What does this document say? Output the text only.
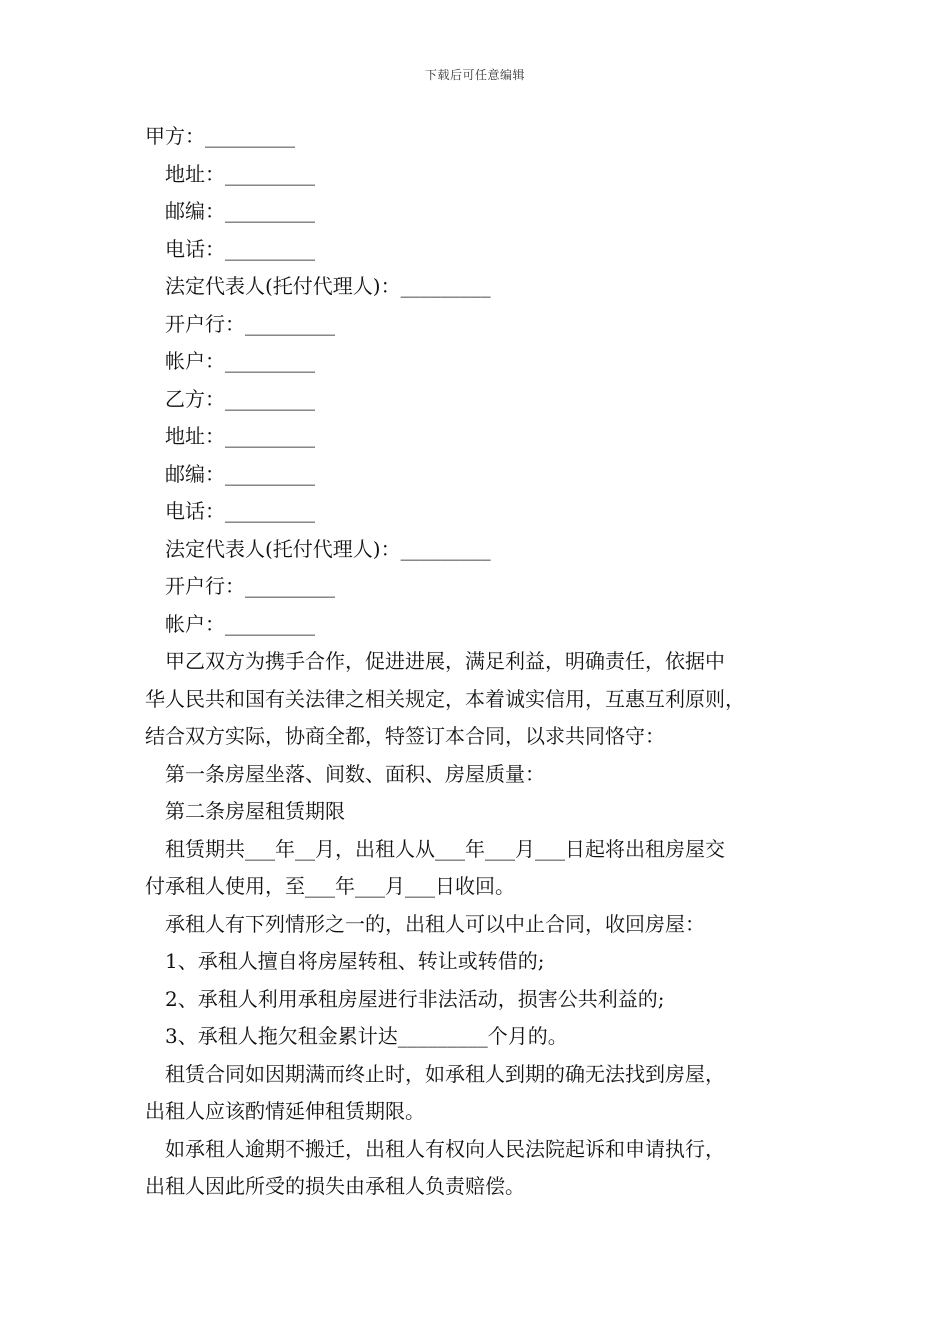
下载后可任意编辑
甲方：_________
地址：_________
邮编：_________
电话：_________
法定代表人(托付代理人)：_________
开户行：_________
帐户：_________
乙方：_________
地址：_________
邮编：_________
电话：_________
法定代表人(托付代理人)：_________
开户行：_________
帐户：_________
甲乙双方为携手合作，促进进展，满足利益，明确责任，依据中
华人民共和国有关法律之相关规定，本着诚实信用，互惠互利原则，
结合双方实际，协商全都，特签订本合同，以求共同恪守：
第一条房屋坐落、间数、面积、房屋质量：
第二条房屋租赁期限
租赁期共___年__月，出租人从___年___月___日起将出租房屋交
付承租人使用，至___年___月___日收回。
承租人有下列情形之一的，出租人可以中止合同，收回房屋：
1、承租人擅自将房屋转租、转让或转借的;
2、承租人利用承租房屋进行非法活动，损害公共利益的;
3、承租人拖欠租金累计达_________个月的。
租赁合同如因期满而终止时，如承租人到期的确无法找到房屋，
出租人应该酌情延伸租赁期限。
如承租人逾期不搬迁，出租人有权向人民法院起诉和申请执行，
出租人因此所受的损失由承租人负责赔偿。
